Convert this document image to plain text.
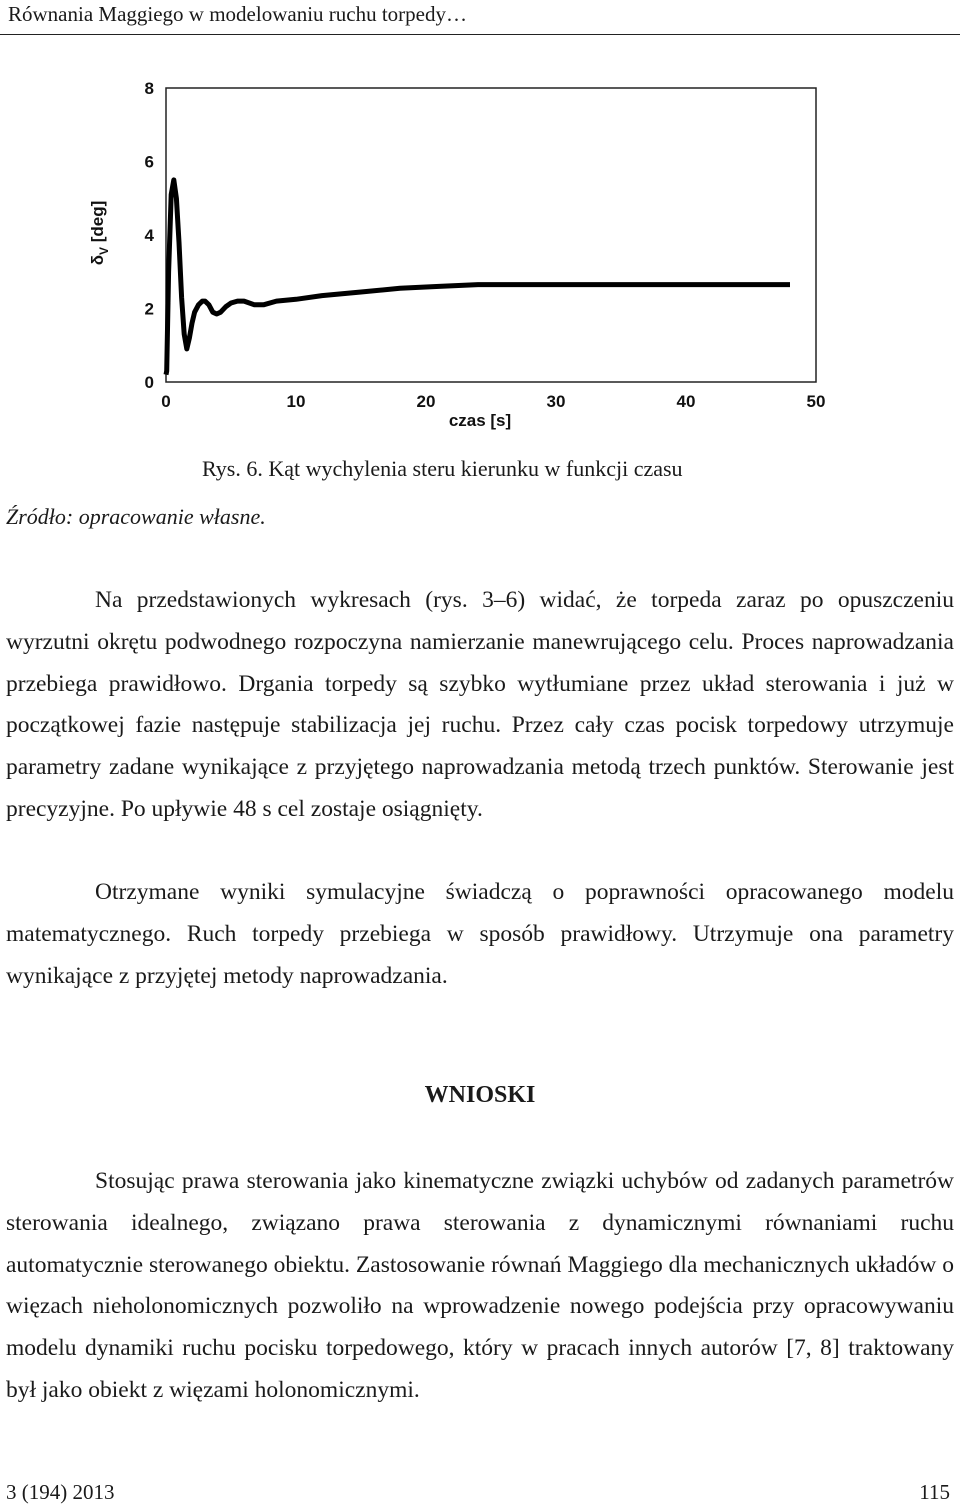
Równania Maggiego w modelowaniu ruchu torpedy…
0	10	20	30	40	50
0
2
4
6
8
czas [s]
$\delta_V$ [deg]
Rys. 6. Kąt wychylenia steru kierunku w funkcji czasu
Źródło: opracowanie własne.

Na przedstawionych wykresach (rys. 3–6) widać, że torpeda zaraz po opuszczeniu wyrzutni okrętu podwodnego rozpoczyna namierzanie manewrującego celu. Proces naprowadzania przebiega prawidłowo. Drgania torpedy są szybko wytłumiane przez układ sterowania i już w początkowej fazie następuje stabilizacja jej ruchu. Przez cały czas pocisk torpedowy utrzymuje parametry zadane wynikające z przyjętego naprowadzania metodą trzech punktów. Sterowanie jest precyzyjne. Po upływie 48 s cel zostaje osiągnięty.

Otrzymane wyniki symulacyjne świadczą o poprawności opracowanego modelu matematycznego. Ruch torpedy przebiega w sposób prawidłowy. Utrzymuje ona parametry wynikające z przyjętej metody naprowadzania.

WNIOSKI

Stosując prawa sterowania jako kinematyczne związki uchybów od zadanych parametrów sterowania idealnego, związano prawa sterowania z dynamicznymi równaniami ruchu automatycznie sterowanego obiektu. Zastosowanie równań Maggiego dla mechanicznych układów o więzach nieholonomicznych pozwoliło na wprowadzenie nowego podejścia przy opracowywaniu modelu dynamiki ruchu pocisku torpedowego, który w pracach innych autorów [7, 8] traktowany był jako obiekt z więzami holonomicznymi.

3 (194) 2013	115
